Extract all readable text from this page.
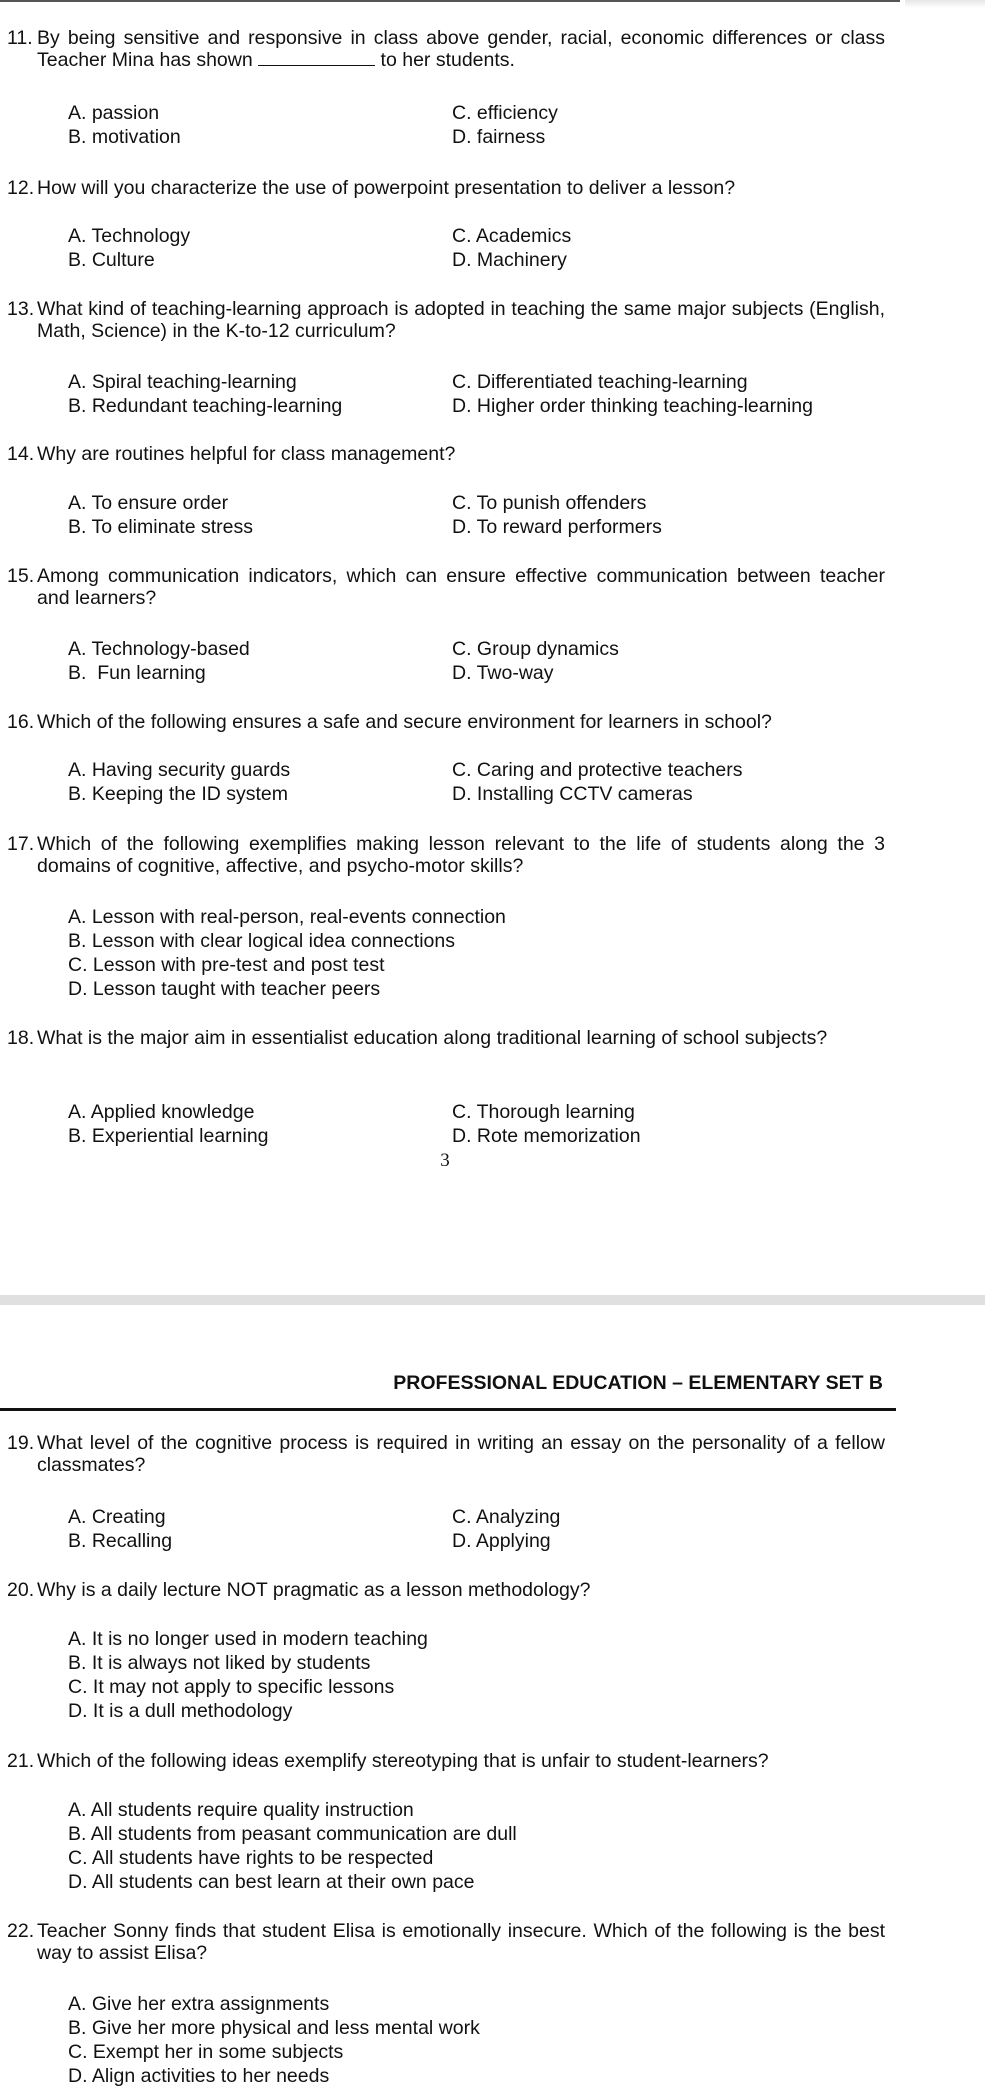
11. By being sensitive and responsive in class above gender, racial, economic differences or class Teacher Mina has shown	to her students.
A. passion
B. motivation
C. efficiency
D. fairness
12. How will you characterize the use of powerpoint presentation to deliver a lesson?
A. Technology
B. Culture
C. Academics
D. Machinery
13. What kind of teaching-learning approach is adopted in teaching the same major subjects (English, Math, Science) in the K-to-12 curriculum?
A. Spiral teaching-learning
B. Redundant teaching-learning
C. Differentiated teaching-learning
D. Higher order thinking teaching-learning
14. Why are routines helpful for class management?
A. To ensure order
B. To eliminate stress
C. To punish offenders
D. To reward performers
15. Among communication indicators, which can ensure effective communication between teacher and learners?
A. Technology-based
B.  Fun learning
C. Group dynamics
D. Two-way
16. Which of the following ensures a safe and secure environment for learners in school?
A. Having security guards
B. Keeping the ID system
C. Caring and protective teachers
D. Installing CCTV cameras
17. Which of the following exemplifies making lesson relevant to the life of students along the 3 domains of cognitive, affective, and psycho-motor skills?
A. Lesson with real-person, real-events connection
B. Lesson with clear logical idea connections
C. Lesson with pre-test and post test
D. Lesson taught with teacher peers
18. What is the major aim in essentialist education along traditional learning of school subjects?
A. Applied knowledge
B. Experiential learning
C. Thorough learning
D. Rote memorization
3
PROFESSIONAL EDUCATION – ELEMENTARY SET B
19. What level of the cognitive process is required in writing an essay on the personality of a fellow classmates?
A. Creating
B. Recalling
C. Analyzing
D. Applying
20. Why is a daily lecture NOT pragmatic as a lesson methodology?
A. It is no longer used in modern teaching
B. It is always not liked by students
C. It may not apply to specific lessons
D. It is a dull methodology
21. Which of the following ideas exemplify stereotyping that is unfair to student-learners?
A. All students require quality instruction
B. All students from peasant communication are dull
C. All students have rights to be respected
D. All students can best learn at their own pace
22. Teacher Sonny finds that student Elisa is emotionally insecure. Which of the following is the best way to assist Elisa?
A. Give her extra assignments
B. Give her more physical and less mental work
C. Exempt her in some subjects
D. Align activities to her needs
